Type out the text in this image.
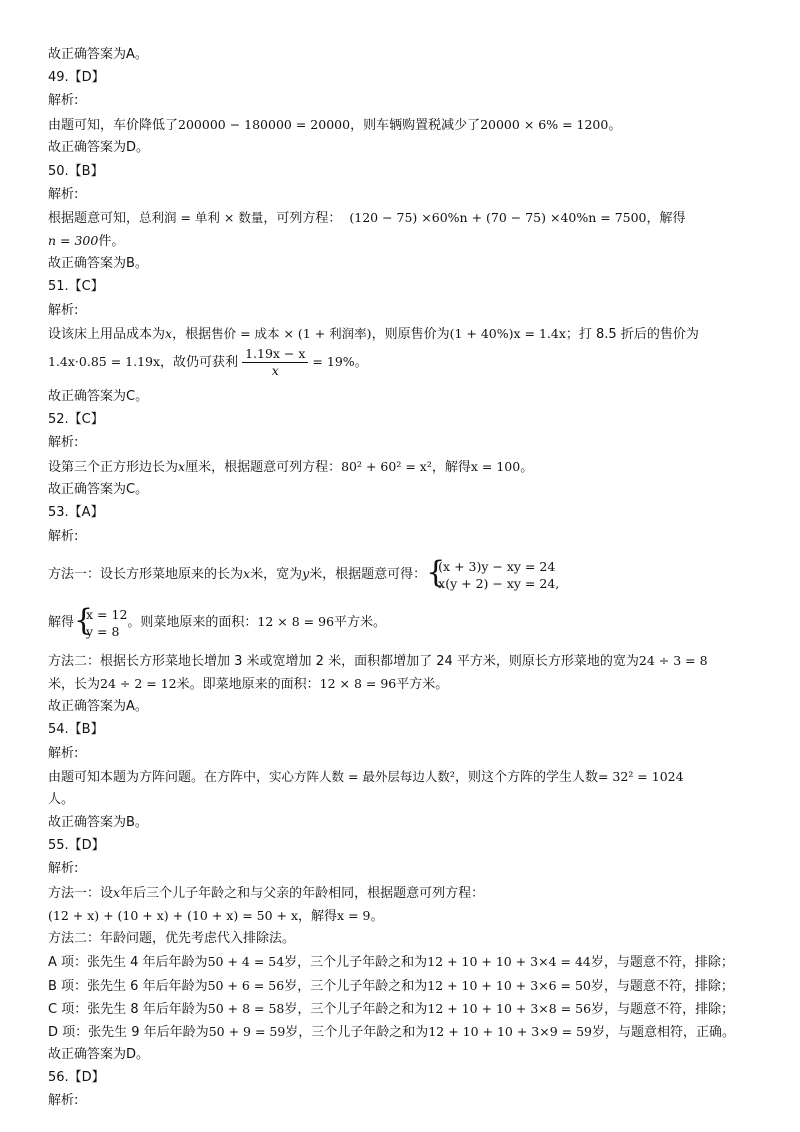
故正确答案为A。
49.【D】
解析:
由题可知，车价降低了200000 − 180000 = 20000，则车辆购置税减少了20000 × 6% = 1200。
故正确答案为D。
50.【B】
解析:
根据题意可知，总利润 = 单利 × 数量，可列方程： (120 − 75) ×60%n + (70 − 75) ×40%n = 7500，解得
n = 300件。
故正确答案为B。
51.【C】
解析:
设该床上用品成本为x，根据售价 = 成本 × (1 + 利润率)，则原售价为(1 + 40%)x = 1.4x；打 8.5 折后的售价为
1.4x·0.85 = 1.19x，故仍可获利 $\frac{1.19x - x}{x} = 19\%$。
故正确答案为C。
52.【C】
解析:
设第三个正方形边长为x厘米，根据题意可列方程：80² + 60² = x²，解得x = 100。
故正确答案为C。
53.【A】
解析:
方法一：设长方形菜地原来的长为x米，宽为y米，根据题意可得： {
(x + 3)y − xy = 24
x(y + 2) − xy = 24,
解得 {
x = 12
y = 8
。则菜地原来的面积：12 × 8 = 96平方米。
方法二：根据长方形菜地长增加 3 米或宽增加 2 米，面积都增加了 24 平方米，则原长方形菜地的宽为24 ÷ 3 = 8
米，长为24 ÷ 2 = 12米。即菜地原来的面积：12 × 8 = 96平方米。
故正确答案为A。
54.【B】
解析:
由题可知本题为方阵问题。在方阵中，实心方阵人数 = 最外层每边人数²，则这个方阵的学生人数= 32² = 1024
人。
故正确答案为B。
55.【D】
解析:
方法一：设x年后三个儿子年龄之和与父亲的年龄相同，根据题意可列方程：
(12 + x) + (10 + x) + (10 + x) = 50 + x，解得x = 9。
方法二：年龄问题，优先考虑代入排除法。
A 项：张先生 4 年后年龄为50 + 4 = 54岁，三个儿子年龄之和为12 + 10 + 10 + 3×4 = 44岁，与题意不符，排除；
B 项：张先生 6 年后年龄为50 + 6 = 56岁，三个儿子年龄之和为12 + 10 + 10 + 3×6 = 50岁，与题意不符，排除；
C 项：张先生 8 年后年龄为50 + 8 = 58岁，三个儿子年龄之和为12 + 10 + 10 + 3×8 = 56岁，与题意不符，排除；
D 项：张先生 9 年后年龄为50 + 9 = 59岁，三个儿子年龄之和为12 + 10 + 10 + 3×9 = 59岁，与题意相符，正确。
故正确答案为D。
56.【D】
解析:
